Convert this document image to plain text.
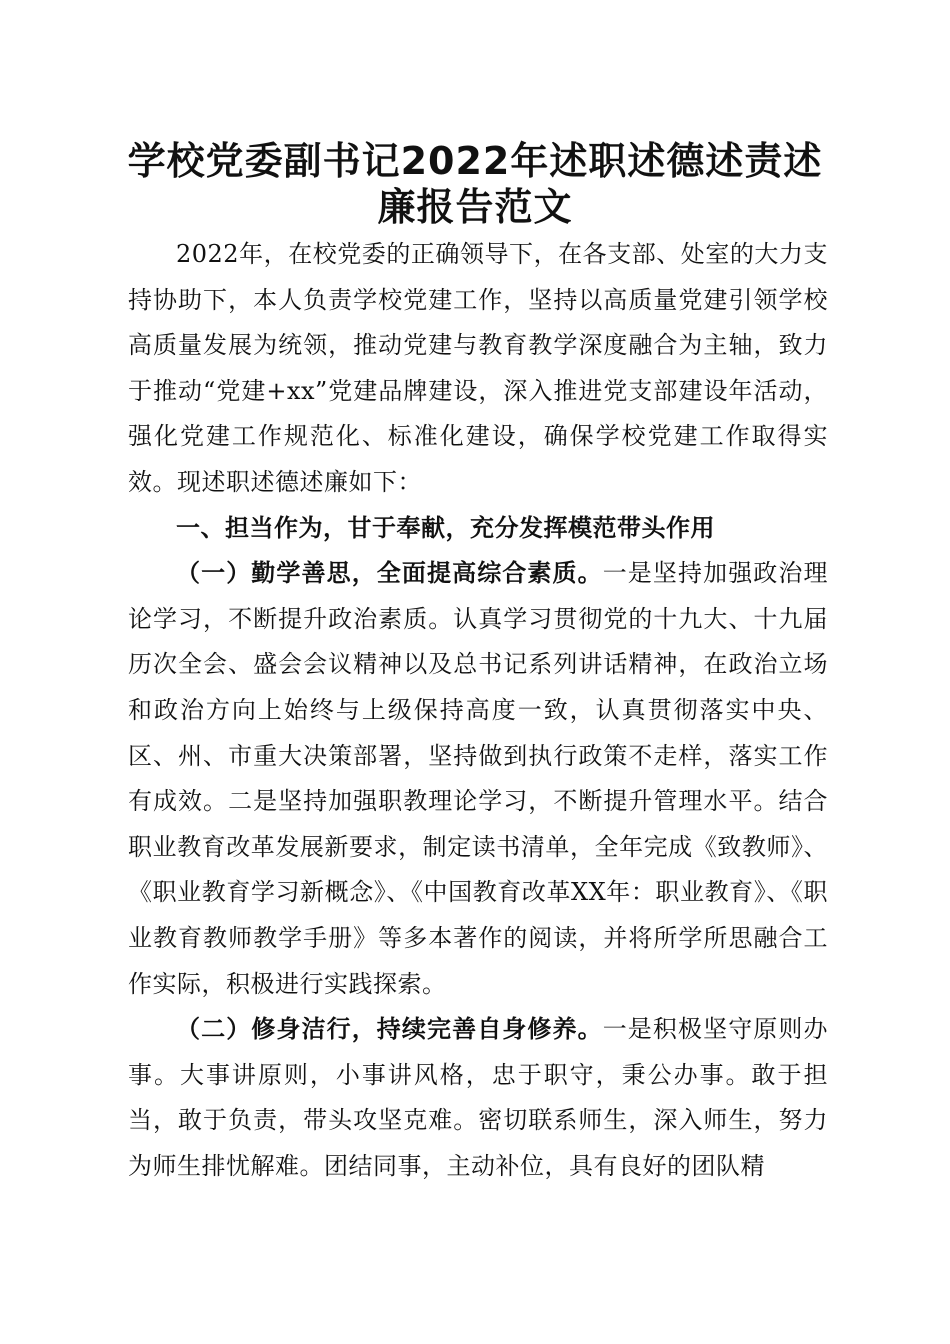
学校党委副书记2022年述职述德述责述廉报告范文

2022年，在校党委的正确领导下，在各支部、处室的大力支持协助下，本人负责学校党建工作，坚持以高质量党建引领学校高质量发展为统领，推动党建与教育教学深度融合为主轴，致力于推动“党建+xx”党建品牌建设，深入推进党支部建设年活动，强化党建工作规范化、标准化建设，确保学校党建工作取得实效。现述职述德述廉如下：

一、担当作为，甘于奉献，充分发挥模范带头作用

（一）勤学善思，全面提高综合素质。一是坚持加强政治理论学习，不断提升政治素质。认真学习贯彻党的十九大、十九届历次全会、盛会会议精神以及总书记系列讲话精神，在政治立场和政治方向上始终与上级保持高度一致，认真贯彻落实中央、区、州、市重大决策部署，坚持做到执行政策不走样，落实工作有成效。二是坚持加强职教理论学习，不断提升管理水平。结合职业教育改革发展新要求，制定读书清单，全年完成《致教师》、《职业教育学习新概念》、《中国教育改革XX年：职业教育》、《职业教育教师教学手册》等多本著作的阅读，并将所学所思融合工作实际，积极进行实践探索。

（二）修身洁行，持续完善自身修养。一是积极坚守原则办事。大事讲原则，小事讲风格，忠于职守，秉公办事。敢于担当，敢于负责，带头攻坚克难。密切联系师生，深入师生，努力为师生排忧解难。团结同事，主动补位，具有良好的团队精
